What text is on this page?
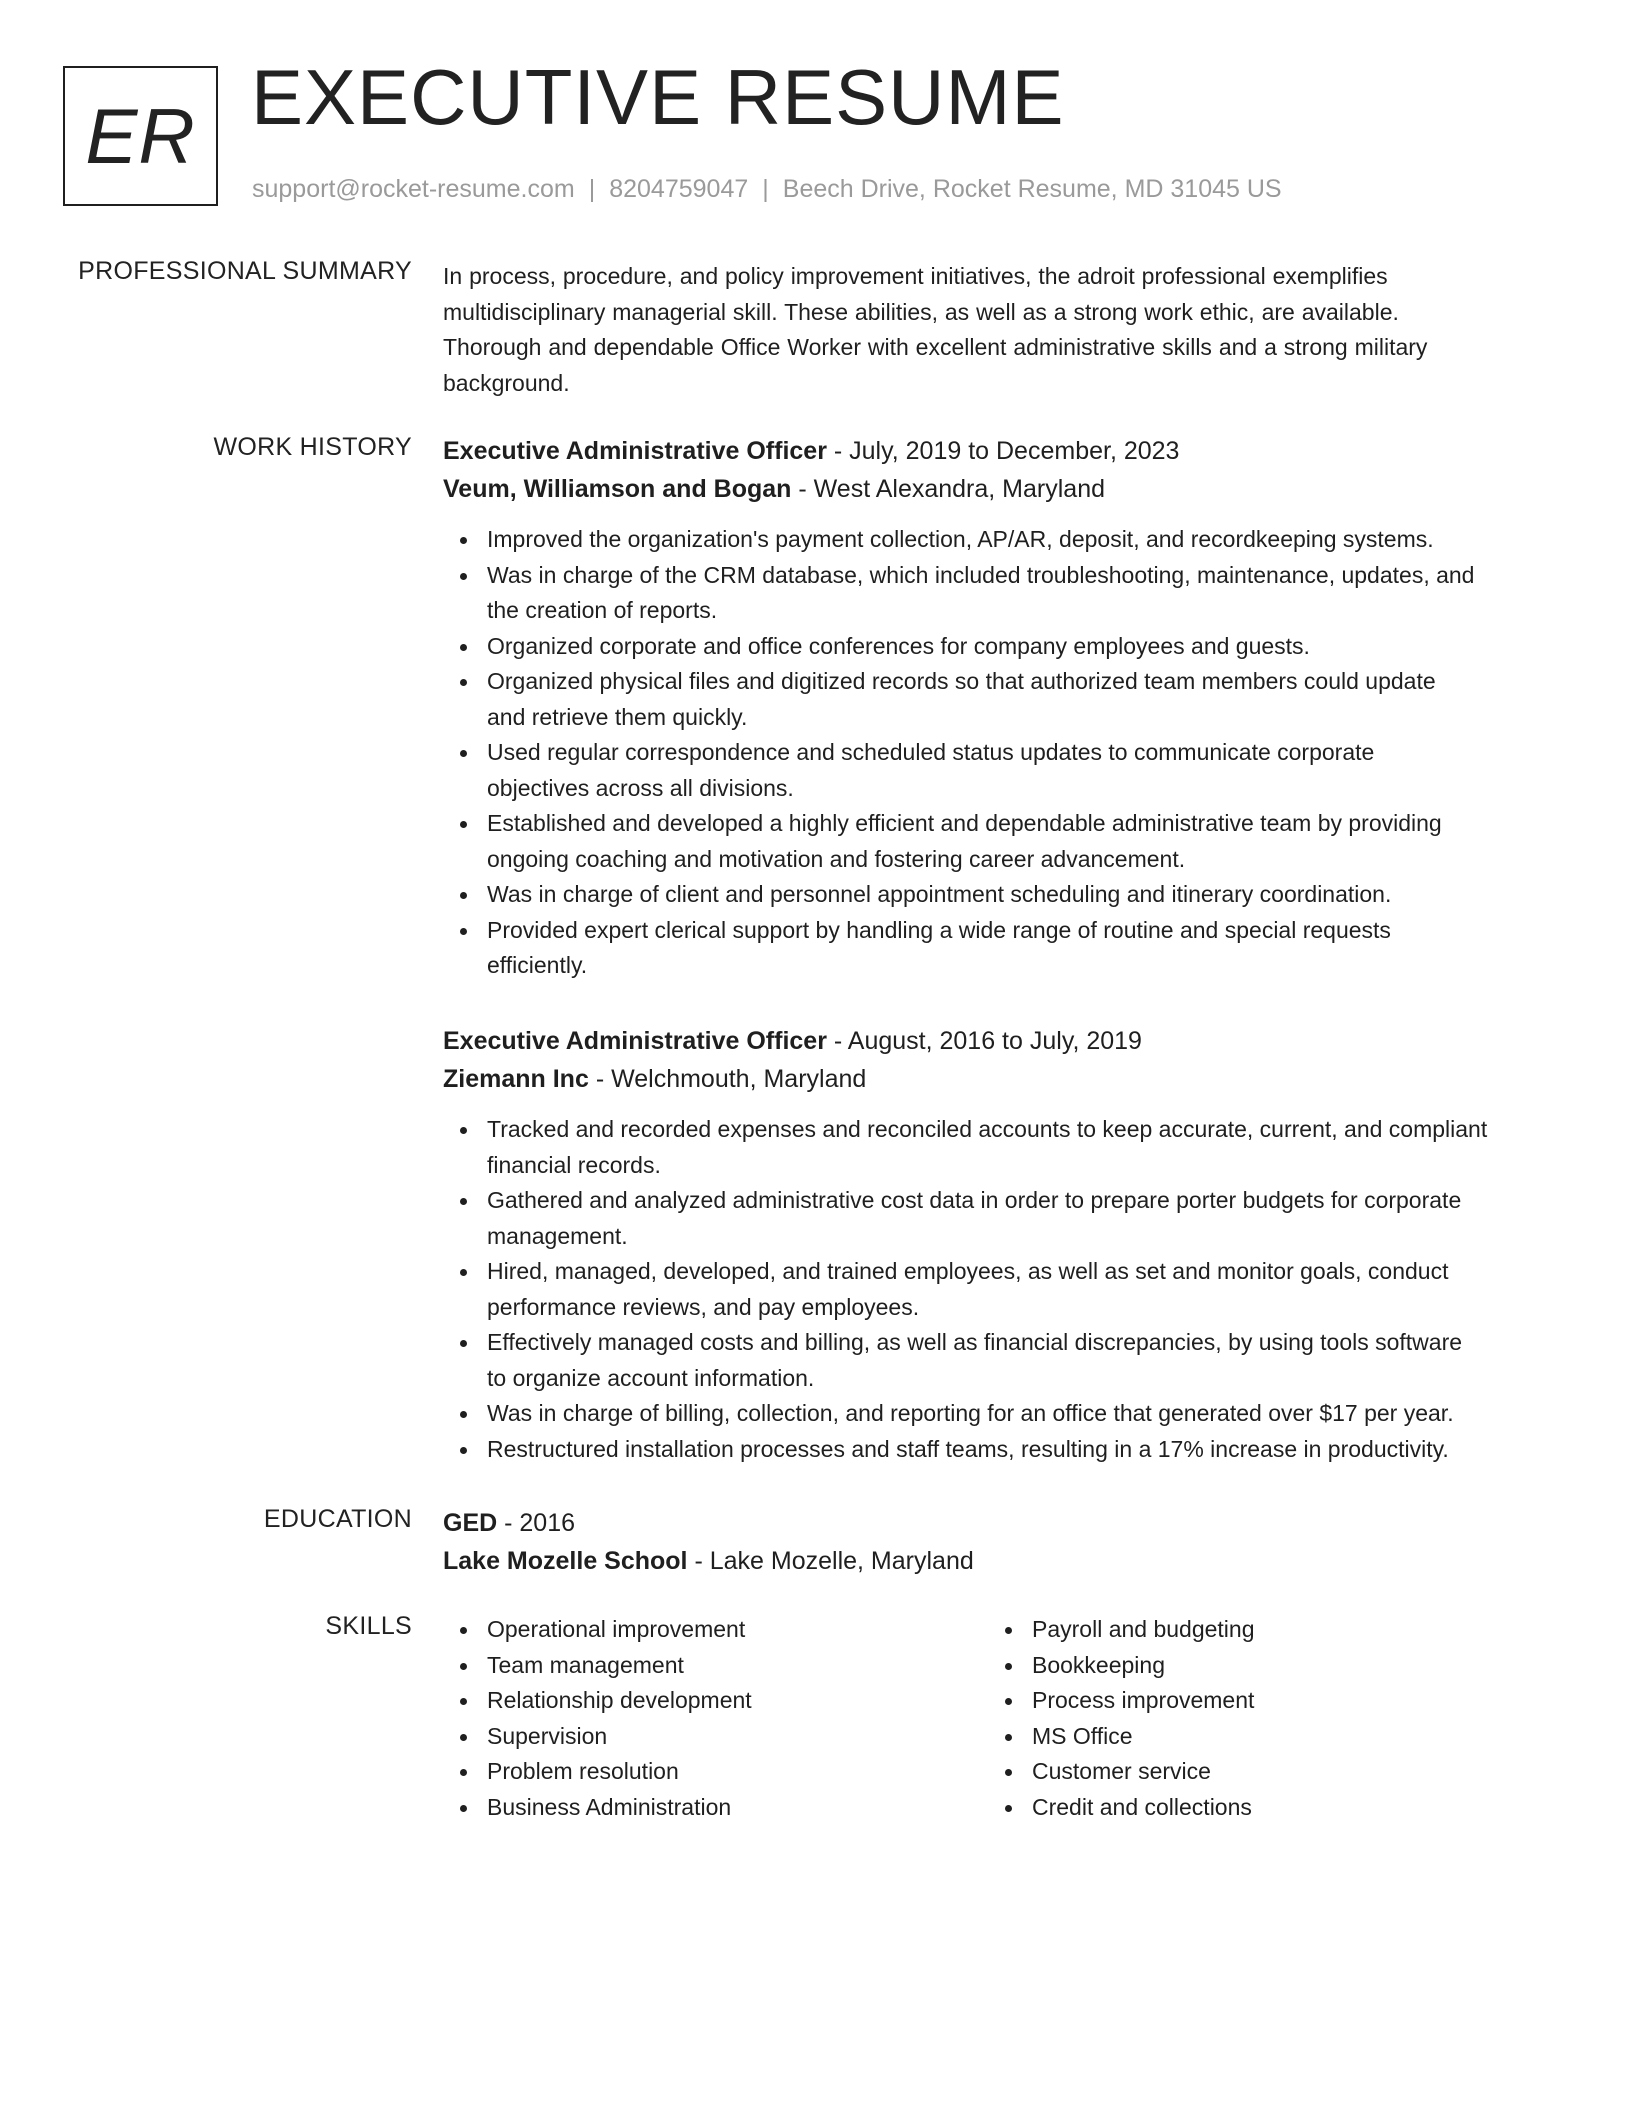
ER EXECUTIVE RESUME
support@rocket-resume.com | 8204759047 | Beech Drive, Rocket Resume, MD 31045 US
PROFESSIONAL SUMMARY In process, procedure, and policy improvement initiatives, the adroit professional exemplifies
multidisciplinary managerial skill. These abilities, as well as a strong work ethic, are available.
Thorough and dependable Office Worker with excellent administrative skills and a strong military
background.
WORK HISTORY Executive Administrative Officer - July, 2019 to December, 2023
Veum, Williamson and Bogan - West Alexandra, Maryland
Improved the organization's payment collection, AP/AR, deposit, and recordkeeping systems.
Was in charge of the CRM database, which included troubleshooting, maintenance, updates, and
the creation of reports.
Organized corporate and office conferences for company employees and guests.
Organized physical files and digitized records so that authorized team members could update
and retrieve them quickly.
Used regular correspondence and scheduled status updates to communicate corporate
objectives across all divisions.
Established and developed a highly efficient and dependable administrative team by providing
ongoing coaching and motivation and fostering career advancement.
Was in charge of client and personnel appointment scheduling and itinerary coordination.
Provided expert clerical support by handling a wide range of routine and special requests
efficiently.
Executive Administrative Officer - August, 2016 to July, 2019
Ziemann Inc - Welchmouth, Maryland
Tracked and recorded expenses and reconciled accounts to keep accurate, current, and compliant
financial records.
Gathered and analyzed administrative cost data in order to prepare porter budgets for corporate
management.
Hired, managed, developed, and trained employees, as well as set and monitor goals, conduct
performance reviews, and pay employees.
Effectively managed costs and billing, as well as financial discrepancies, by using tools software
to organize account information.
Was in charge of billing, collection, and reporting for an office that generated over $17 per year.
Restructured installation processes and staff teams, resulting in a 17% increase in productivity.
EDUCATION GED - 2016
Lake Mozelle School - Lake Mozelle, Maryland
SKILLS	Operational improvement
Team management
Relationship development
Supervision
Problem resolution
Business Administration
Payroll and budgeting
Bookkeeping
Process improvement
MS Office
Customer service
Credit and collections
